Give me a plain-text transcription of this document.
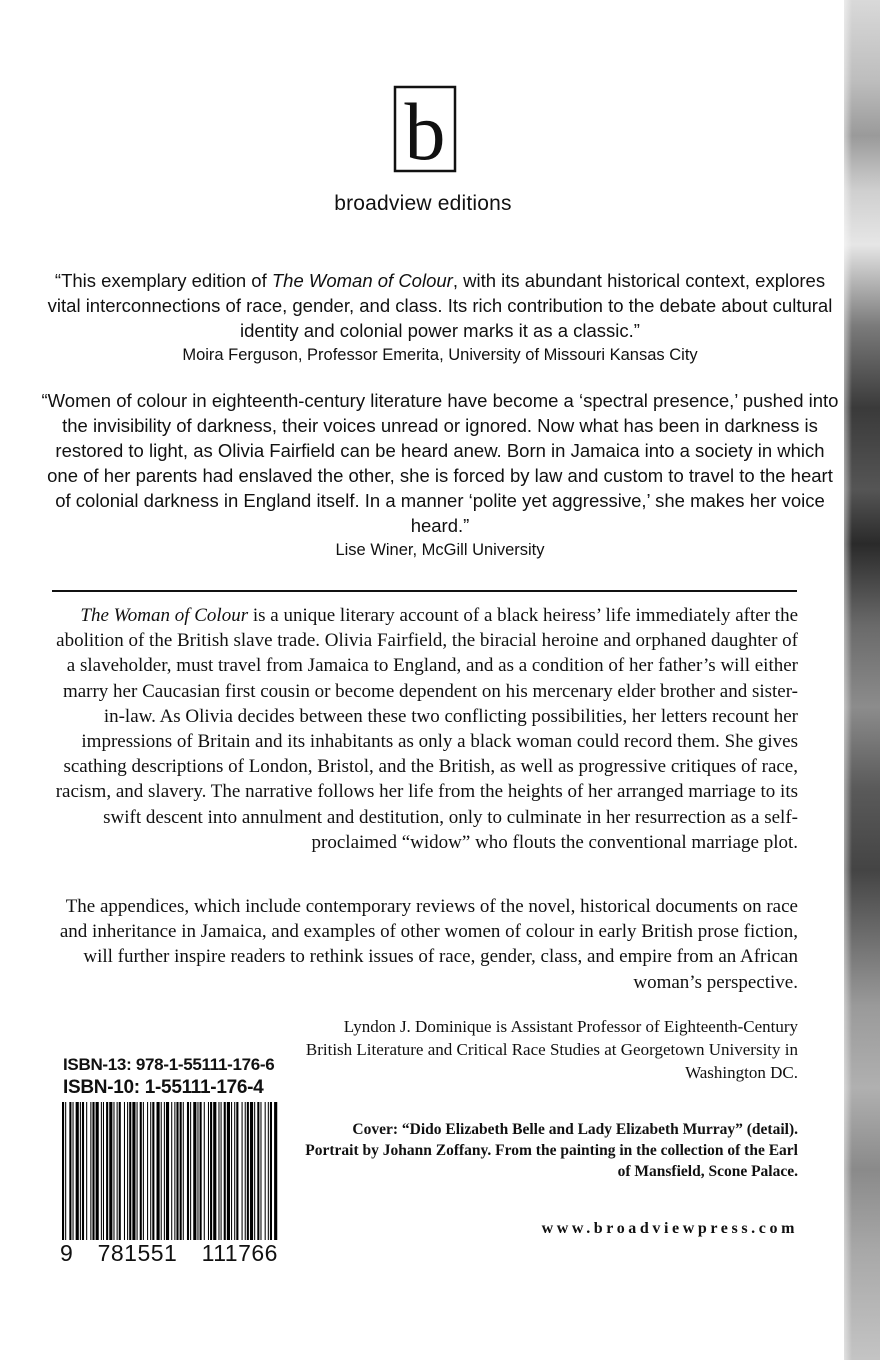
b
broadview editions
“This exemplary edition of The Woman of Colour, with its abundant historical context, explores vital interconnections of race, gender, and class. Its rich contribution to the debate about cultural identity and colonial power marks it as a classic.”
Moira Ferguson, Professor Emerita, University of Missouri Kansas City
“Women of colour in eighteenth-century literature have become a ‘spectral presence,’ pushed into the invisibility of darkness, their voices unread or ignored. Now what has been in darkness is restored to light, as Olivia Fairfield can be heard anew. Born in Jamaica into a society in which one of her parents had enslaved the other, she is forced by law and custom to travel to the heart of colonial darkness in England itself. In a manner ‘polite yet aggressive,’ she makes her voice heard.”
Lise Winer, McGill University
The Woman of Colour is a unique literary account of a black heiress’ life immediately after the abolition of the British slave trade. Olivia Fairfield, the biracial heroine and orphaned daughter of a slaveholder, must travel from Jamaica to England, and as a condition of her father’s will either marry her Caucasian first cousin or become dependent on his mercenary elder brother and sister-in-law. As Olivia decides between these two conflicting possibilities, her letters recount her impressions of Britain and its inhabitants as only a black woman could record them. She gives scathing descriptions of London, Bristol, and the British, as well as progressive critiques of race, racism, and slavery. The narrative follows her life from the heights of her arranged marriage to its swift descent into annulment and destitution, only to culminate in her resurrection as a self-proclaimed “widow” who flouts the conventional marriage plot.
The appendices, which include contemporary reviews of the novel, historical documents on race and inheritance in Jamaica, and examples of other women of colour in early British prose fiction, will further inspire readers to rethink issues of race, gender, class, and empire from an African woman’s perspective.
Lyndon J. Dominique is Assistant Professor of Eighteenth-Century British Literature and Critical Race Studies at Georgetown University in Washington DC.
Cover: “Dido Elizabeth Belle and Lady Elizabeth Murray” (detail). Portrait by Johann Zoffany. From the painting in the collection of the Earl of Mansfield, Scone Palace.
www.broadviewpress.com
ISBN-13: 978-1-55111-176-6
ISBN-10: 1-55111-176-4
9 781551 111766
